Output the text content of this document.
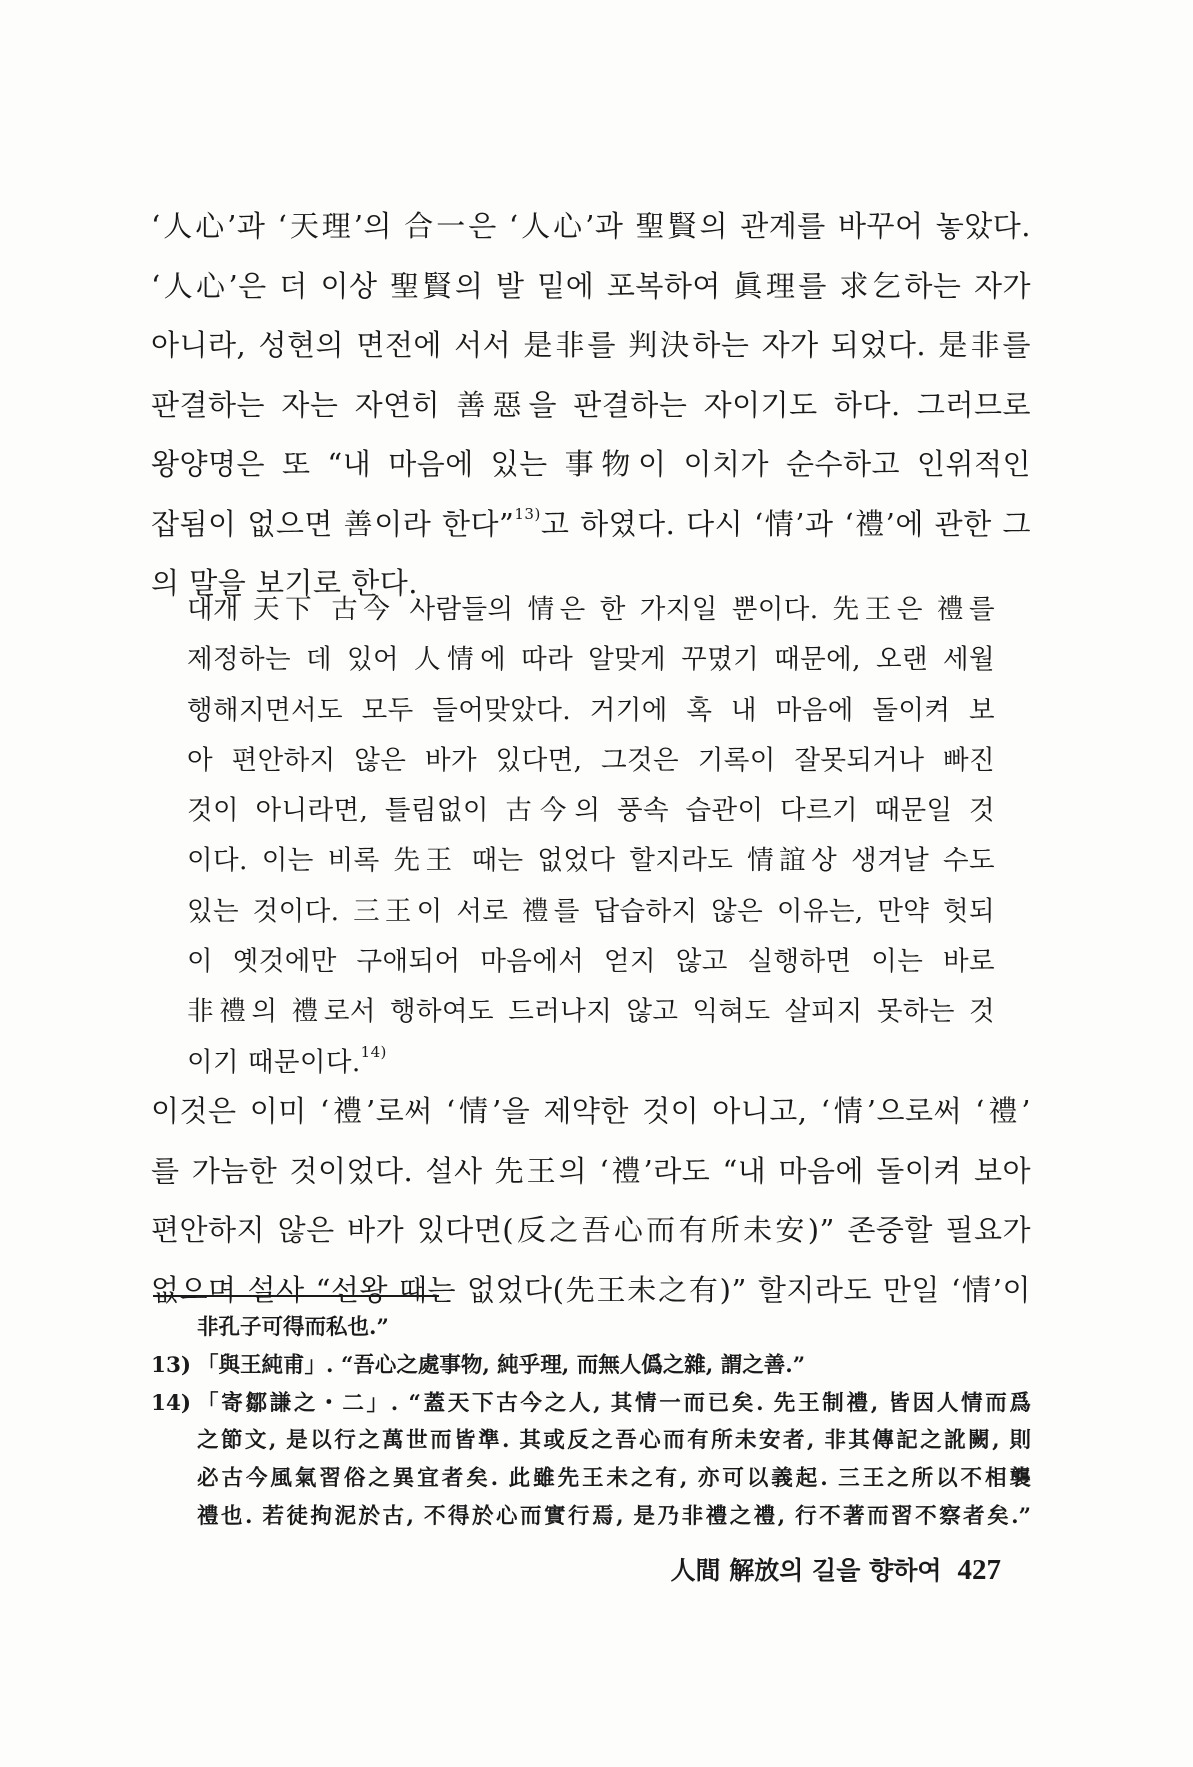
‘人心’과 ‘天理’의 合一은 ‘人心’과 聖賢의 관계를 바꾸어 놓았다.
‘人心’은 더 이상 聖賢의 발 밑에 포복하여 眞理를 求乞하는 자가
아니라, 성현의 면전에 서서 是非를 判決하는 자가 되었다. 是非를
판결하는 자는 자연히 善惡을 판결하는 자이기도 하다. 그러므로
왕양명은 또 “내 마음에 있는 事物이 이치가 순수하고 인위적인
잡됨이 없으면 善이라 한다”$^{13)}$고 하였다. 다시 ‘情’과 ‘禮’에 관한 그
의 말을 보기로 한다.
대개 天下 古今 사람들의 情은 한 가지일 뿐이다. 先王은 禮를
제정하는 데 있어 人情에 따라 알맞게 꾸몄기 때문에, 오랜 세월
행해지면서도 모두 들어맞았다. 거기에 혹 내 마음에 돌이켜 보
아 편안하지 않은 바가 있다면, 그것은 기록이 잘못되거나 빠진
것이 아니라면, 틀림없이 古今의 풍속 습관이 다르기 때문일 것
이다. 이는 비록 先王 때는 없었다 할지라도 情誼상 생겨날 수도
있는 것이다. 三王이 서로 禮를 답습하지 않은 이유는, 만약 헛되
이 옛것에만 구애되어 마음에서 얻지 않고 실행하면 이는 바로
非禮의 禮로서 행하여도 드러나지 않고 익혀도 살피지 못하는 것
이기 때문이다.$^{14)}$
이것은 이미 ‘禮’로써 ‘情’을 제약한 것이 아니고, ‘情’으로써 ‘禮’
를 가늠한 것이었다. 설사 先王의 ‘禮’라도 “내 마음에 돌이켜 보아
편안하지 않은 바가 있다면(反之吾心而有所未安)” 존중할 필요가
없으며 설사 “선왕 때는 없었다(先王未之有)” 할지라도 만일 ‘情’이
非孔子可得而私也.”
13) 「與王純甫」. “吾心之處事物, 純乎理, 而無人僞之雜, 謂之善.”
14) 「寄鄒謙之・二」. “蓋天下古今之人, 其情一而已矣. 先王制禮, 皆因人情而爲
之節文, 是以行之萬世而皆準. 其或反之吾心而有所未安者, 非其傳記之訛闕, 則
必古今風氣習俗之異宜者矣. 此雖先王未之有, 亦可以義起. 三王之所以不相襲
禮也. 若徒拘泥於古, 不得於心而實行焉, 是乃非禮之禮, 行不著而習不察者矣.”
人間 解放의 길을 향하여 427
